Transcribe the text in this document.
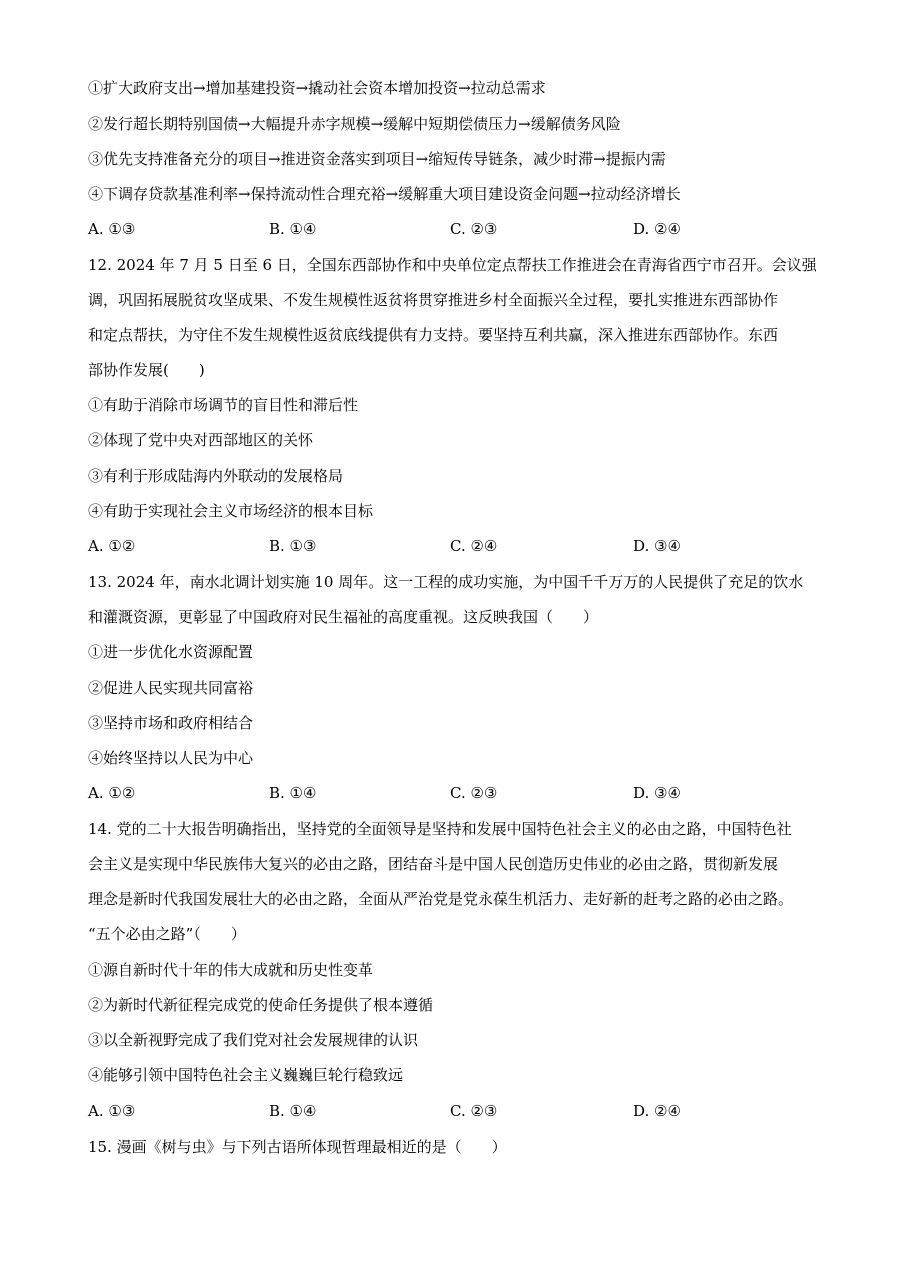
①扩大政府支出→增加基建投资→撬动社会资本增加投资→拉动总需求
②发行超长期特别国债→大幅提升赤字规模→缓解中短期偿债压力→缓解债务风险
③优先支持准备充分的项目→推进资金落实到项目→缩短传导链条，减少时滞→提振内需
④下调存贷款基准利率→保持流动性合理充裕→缓解重大项目建设资金问题→拉动经济增长
A. ①③	B. ①④	C. ②③	D. ②④
12. 2024 年 7 月 5 日至 6 日，全国东西部协作和中央单位定点帮扶工作推进会在青海省西宁市召开。会议强
调，巩固拓展脱贫攻坚成果、不发生规模性返贫将贯穿推进乡村全面振兴全过程，要扎实推进东西部协作
和定点帮扶，为守住不发生规模性返贫底线提供有力支持。要坚持互利共赢，深入推进东西部协作。东西
部协作发展(　　)
①有助于消除市场调节的盲目性和滞后性
②体现了党中央对西部地区的关怀
③有利于形成陆海内外联动的发展格局
④有助于实现社会主义市场经济的根本目标
A. ①②	B. ①③	C. ②④	D. ③④
13. 2024 年，南水北调计划实施 10 周年。这一工程的成功实施，为中国千千万万的人民提供了充足的饮水
和灌溉资源，更彰显了中国政府对民生福祉的高度重视。这反映我国（　　）
①进一步优化水资源配置
②促进人民实现共同富裕
③坚持市场和政府相结合
④始终坚持以人民为中心
A. ①②	B. ①④	C. ②③	D. ③④
14. 党的二十大报告明确指出，坚持党的全面领导是坚持和发展中国特色社会主义的必由之路，中国特色社
会主义是实现中华民族伟大复兴的必由之路，团结奋斗是中国人民创造历史伟业的必由之路，贯彻新发展
理念是新时代我国发展壮大的必由之路，全面从严治党是党永葆生机活力、走好新的赶考之路的必由之路。
“五个必由之路”（　　）
①源自新时代十年的伟大成就和历史性变革
②为新时代新征程完成党的使命任务提供了根本遵循
③以全新视野完成了我们党对社会发展规律的认识
④能够引领中国特色社会主义巍巍巨轮行稳致远
A. ①③	B. ①④	C. ②③	D. ②④
15. 漫画《树与虫》与下列古语所体现哲理最相近的是（　　）
